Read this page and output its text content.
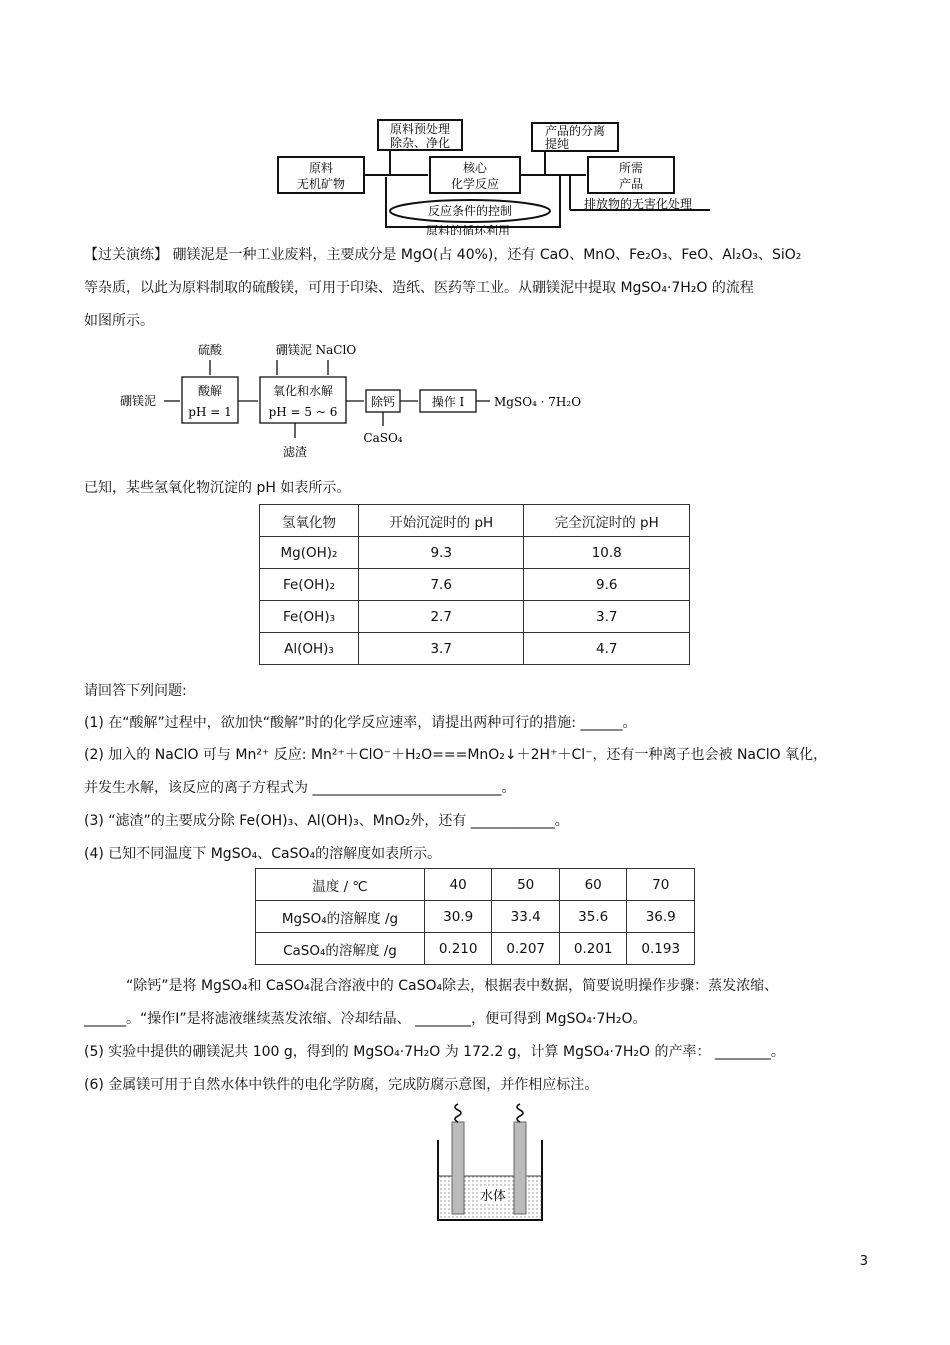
原料
无机矿物
原料预处理
除杂、净化
核心
化学反应
产品的分离
提纯
所需
产品
反应条件的控制
原料的循环利用
排放物的无害化处理
【过关演练】 硼镁泥是一种工业废料，主要成分是 MgO(占 40%)，还有 CaO、MnO、Fe₂O₃、FeO、Al₂O₃、SiO₂
等杂质，以此为原料制取的硫酸镁，可用于印染、造纸、医药等工业。从硼镁泥中提取 MgSO₄·7H₂O 的流程
如图所示。
硫酸	硼镁泥 NaClO
硼镁泥
酸解
pH = 1
氧化和水解
pH = 5 ~ 6
除钙	操作 Ⅰ MgSO₄ · 7H₂O
滤渣
CaSO₄
已知，某些氢氧化物沉淀的 pH 如表所示。
氢氧化物	开始沉淀时的 pH	完全沉淀时的 pH
Mg(OH)₂	9.3	10.8
Fe(OH)₂	7.6	9.6
Fe(OH)₃	2.7	3.7
Al(OH)₃	3.7	4.7
请回答下列问题:
(1) 在“酸解”过程中，欲加快“酸解”时的化学反应速率，请提出两种可行的措施: ______。
(2) 加入的 NaClO 可与 Mn²⁺ 反应: Mn²⁺＋ClO⁻＋H₂O===MnO₂↓＋2H⁺＋Cl⁻，还有一种离子也会被 NaClO 氧化，
并发生水解，该反应的离子方程式为 ___________________________。
(3) “滤渣”的主要成分除 Fe(OH)₃、Al(OH)₃、MnO₂外，还有 ____________。
(4) 已知不同温度下 MgSO₄、CaSO₄的溶解度如表所示。
温度 / ℃	40	50	60	70
MgSO₄的溶解度 /g	30.9	33.4	35.6	36.9
CaSO₄的溶解度 /g	0.210	0.207	0.201	0.193
“除钙”是将 MgSO₄和 CaSO₄混合溶液中的 CaSO₄除去，根据表中数据，简要说明操作步骤：蒸发浓缩、
______。“操作Ⅰ”是将滤液继续蒸发浓缩、冷却结晶、 ________，便可得到 MgSO₄·7H₂O。
(5) 实验中提供的硼镁泥共 100 g，得到的 MgSO₄·7H₂O 为 172.2 g，计算 MgSO₄·7H₂O 的产率： ________。
(6) 金属镁可用于自然水体中铁件的电化学防腐，完成防腐示意图，并作相应标注。
水体
3
